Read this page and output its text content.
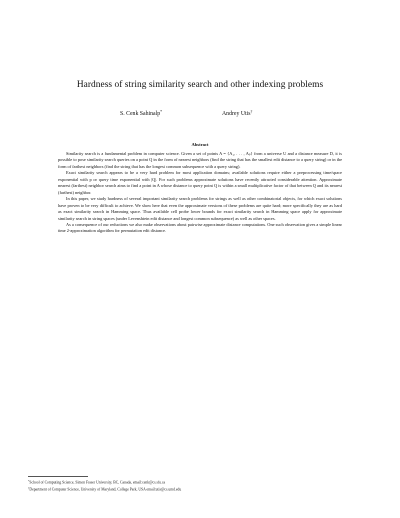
Hardness of string similarity search and other indexing problems
S. Cenk Sahinalp*	Andrey Utis†
Abstract

Similarity search is a fundamental problem in computer science. Given a set of points A = {A₁, . . . , Aₚ} from a universe U and a distance measure D, it is possible to pose similarity search queries on a point Q in the form of nearest neighbors (find the string that has the smallest edit distance to a query string) or in the form of farthest neighbors (find the string that has the longest common subsequence with a query string).

Exact similarity search appears to be a very hard problem for most application domains; available solutions require either a preprocessing time/space exponential with p or query time exponential with |Q|. For such problems approximate solutions have recently attracted considerable attention. Approximate nearest (farthest) neighbor search aims to find a point in A whose distance to query point Q is within a small multiplicative factor of that between Q and its nearest (farthest) neighbor.

In this paper, we study hardness of several important similarity search problems for strings as well as other combinatorial objects, for which exact solutions have proven to be very difficult to achieve. We show here that even the approximate versions of these problems are quite hard; more specifically they are as hard as exact similarity search in Hamming space. Thus available cell probe lower bounds for exact similarity search in Hamming space apply for approximate similarity search in string spaces (under Levenshtein edit distance and longest common subsequence) as well as other spaces.

As a consequence of our reductions we also make observations about pairwise approximate distance computations. One such observation gives a simple linear time 2-approximation algorithm for permutation edit distance.

*School of Computing Science, Simon Fraser University, BC, Canada, email:cenk@cs.sfu.ca
†Department of Computer Science, University of Maryland, College Park, USA email:utis@cs.umd.edu
